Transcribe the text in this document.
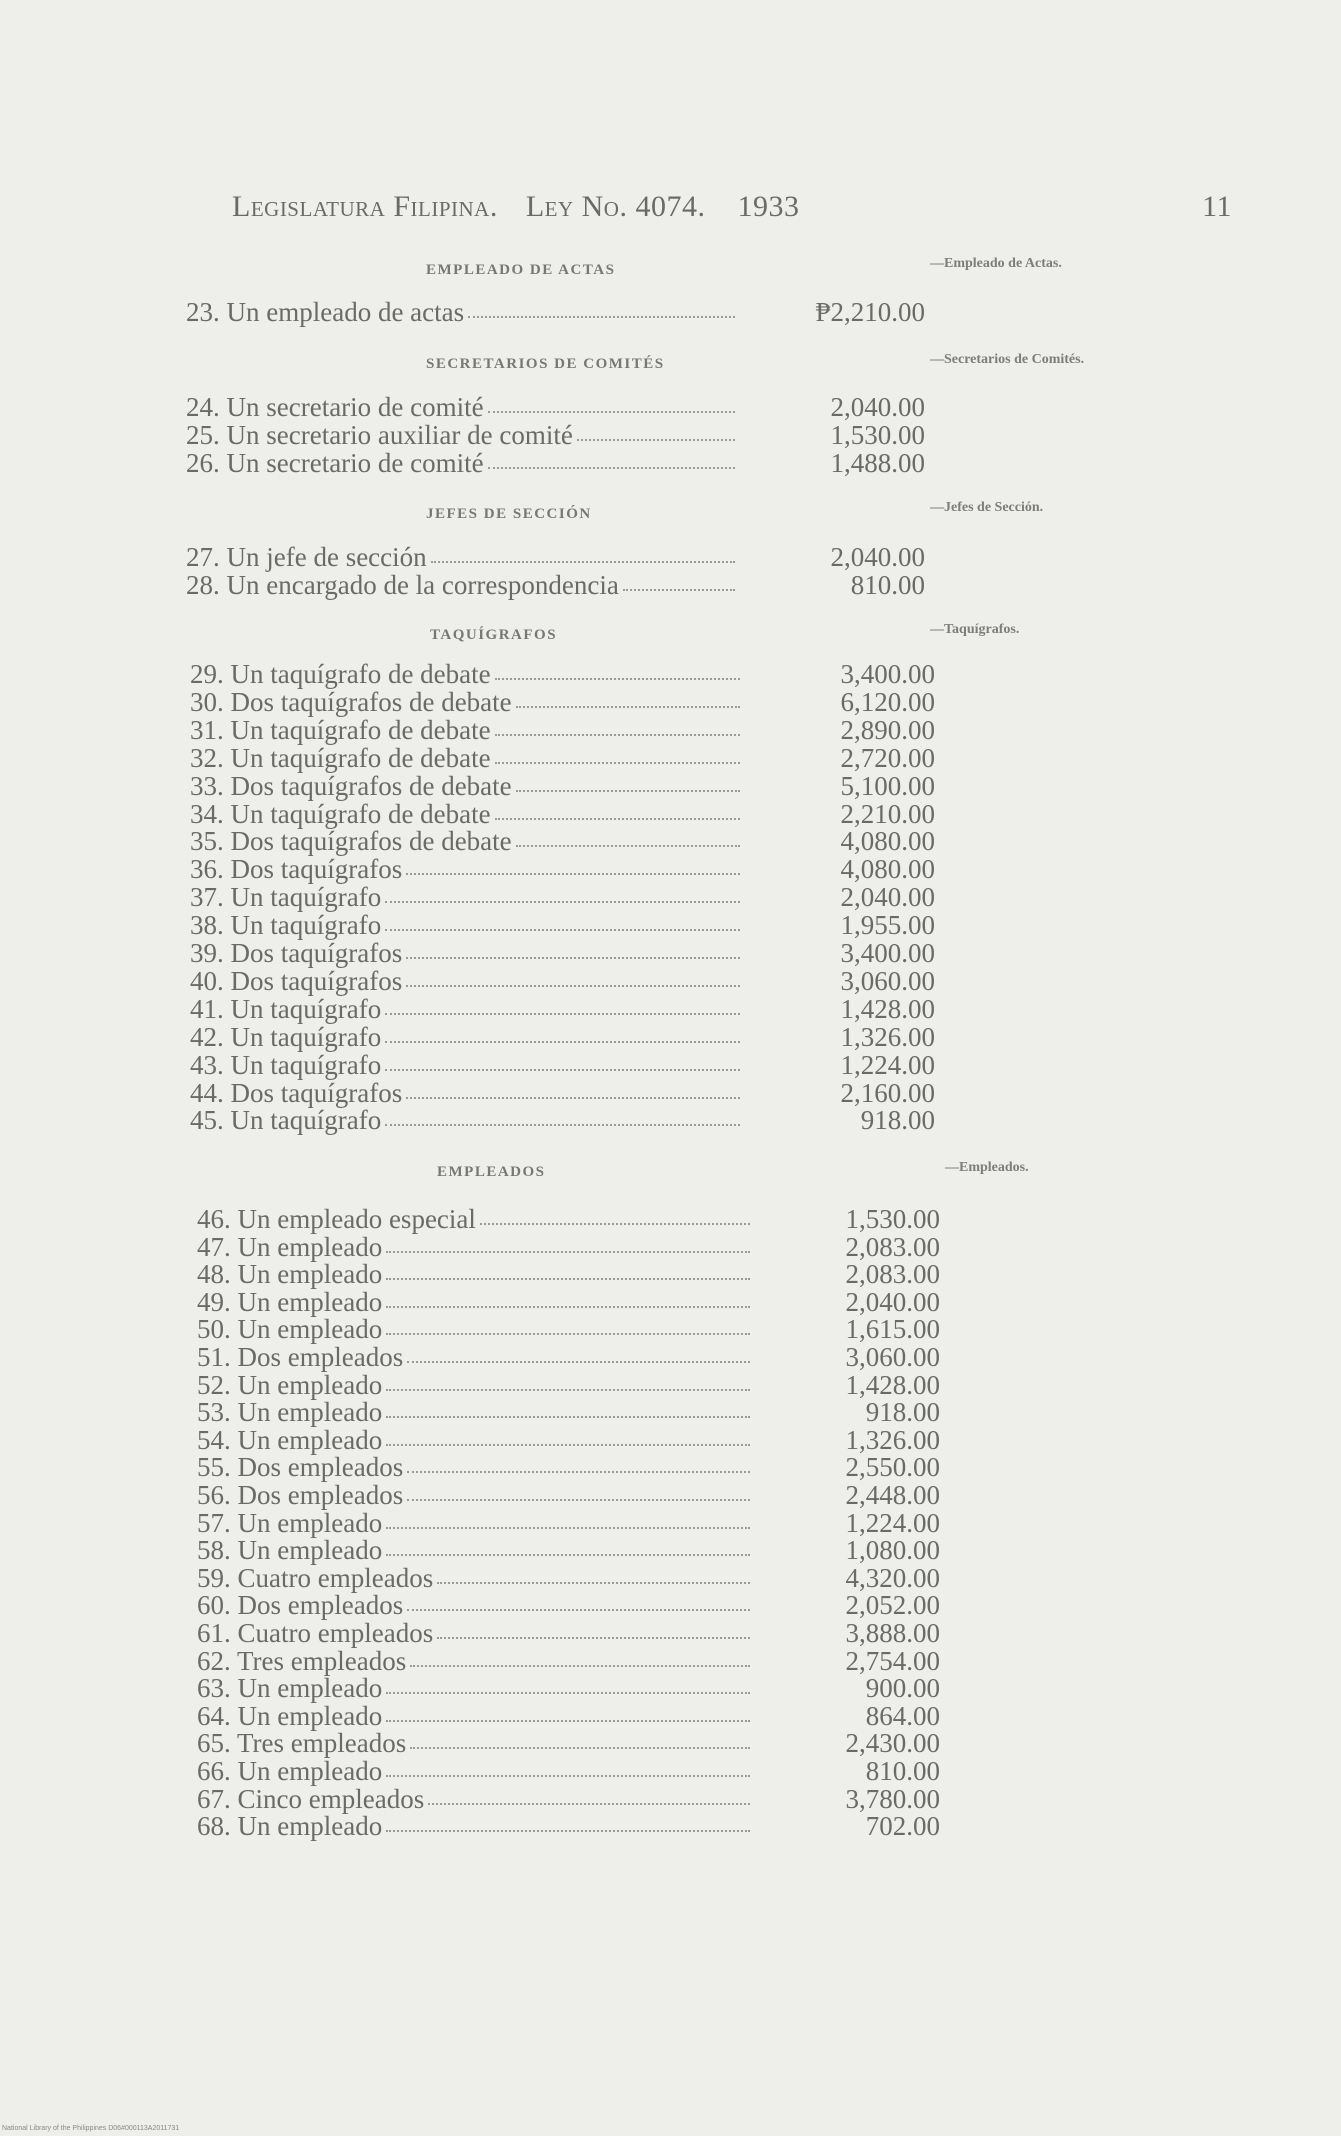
Legislatura Filipina. Ley No. 4074. 1933	11
EMPLEADO DE ACTAS	—Empleado de Actas.
23. Un empleado de actas	₱2,210.00
SECRETARIOS DE COMITÉS	—Secretarios de Comités.
24. Un secretario de comité	2,040.00
25. Un secretario auxiliar de comité	1,530.00
26. Un secretario de comité	1,488.00
JEFES DE SECCIÓN	—Jefes de Sección.
27. Un jefe de sección	2,040.00
28. Un encargado de la correspondencia	810.00
TAQUÍGRAFOS	—Taquígrafos.
29. Un taquígrafo de debate	3,400.00
30. Dos taquígrafos de debate	6,120.00
31. Un taquígrafo de debate	2,890.00
32. Un taquígrafo de debate	2,720.00
33. Dos taquígrafos de debate	5,100.00
34. Un taquígrafo de debate	2,210.00
35. Dos taquígrafos de debate	4,080.00
36. Dos taquígrafos	4,080.00
37. Un taquígrafo	2,040.00
38. Un taquígrafo	1,955.00
39. Dos taquígrafos	3,400.00
40. Dos taquígrafos	3,060.00
41. Un taquígrafo	1,428.00
42. Un taquígrafo	1,326.00
43. Un taquígrafo	1,224.00
44. Dos taquígrafos	2,160.00
45. Un taquígrafo	918.00
EMPLEADOS	—Empleados.
46. Un empleado especial	1,530.00
47. Un empleado	2,083.00
48. Un empleado	2,083.00
49. Un empleado	2,040.00
50. Un empleado	1,615.00
51. Dos empleados	3,060.00
52. Un empleado	1,428.00
53. Un empleado	918.00
54. Un empleado	1,326.00
55. Dos empleados	2,550.00
56. Dos empleados	2,448.00
57. Un empleado	1,224.00
58. Un empleado	1,080.00
59. Cuatro empleados	4,320.00
60. Dos empleados	2,052.00
61. Cuatro empleados	3,888.00
62. Tres empleados	2,754.00
63. Un empleado	900.00
64. Un empleado	864.00
65. Tres empleados	2,430.00
66. Un empleado	810.00
67. Cinco empleados	3,780.00
68. Un empleado	702.00
National Library of the Philippines D06#000113A2011731
